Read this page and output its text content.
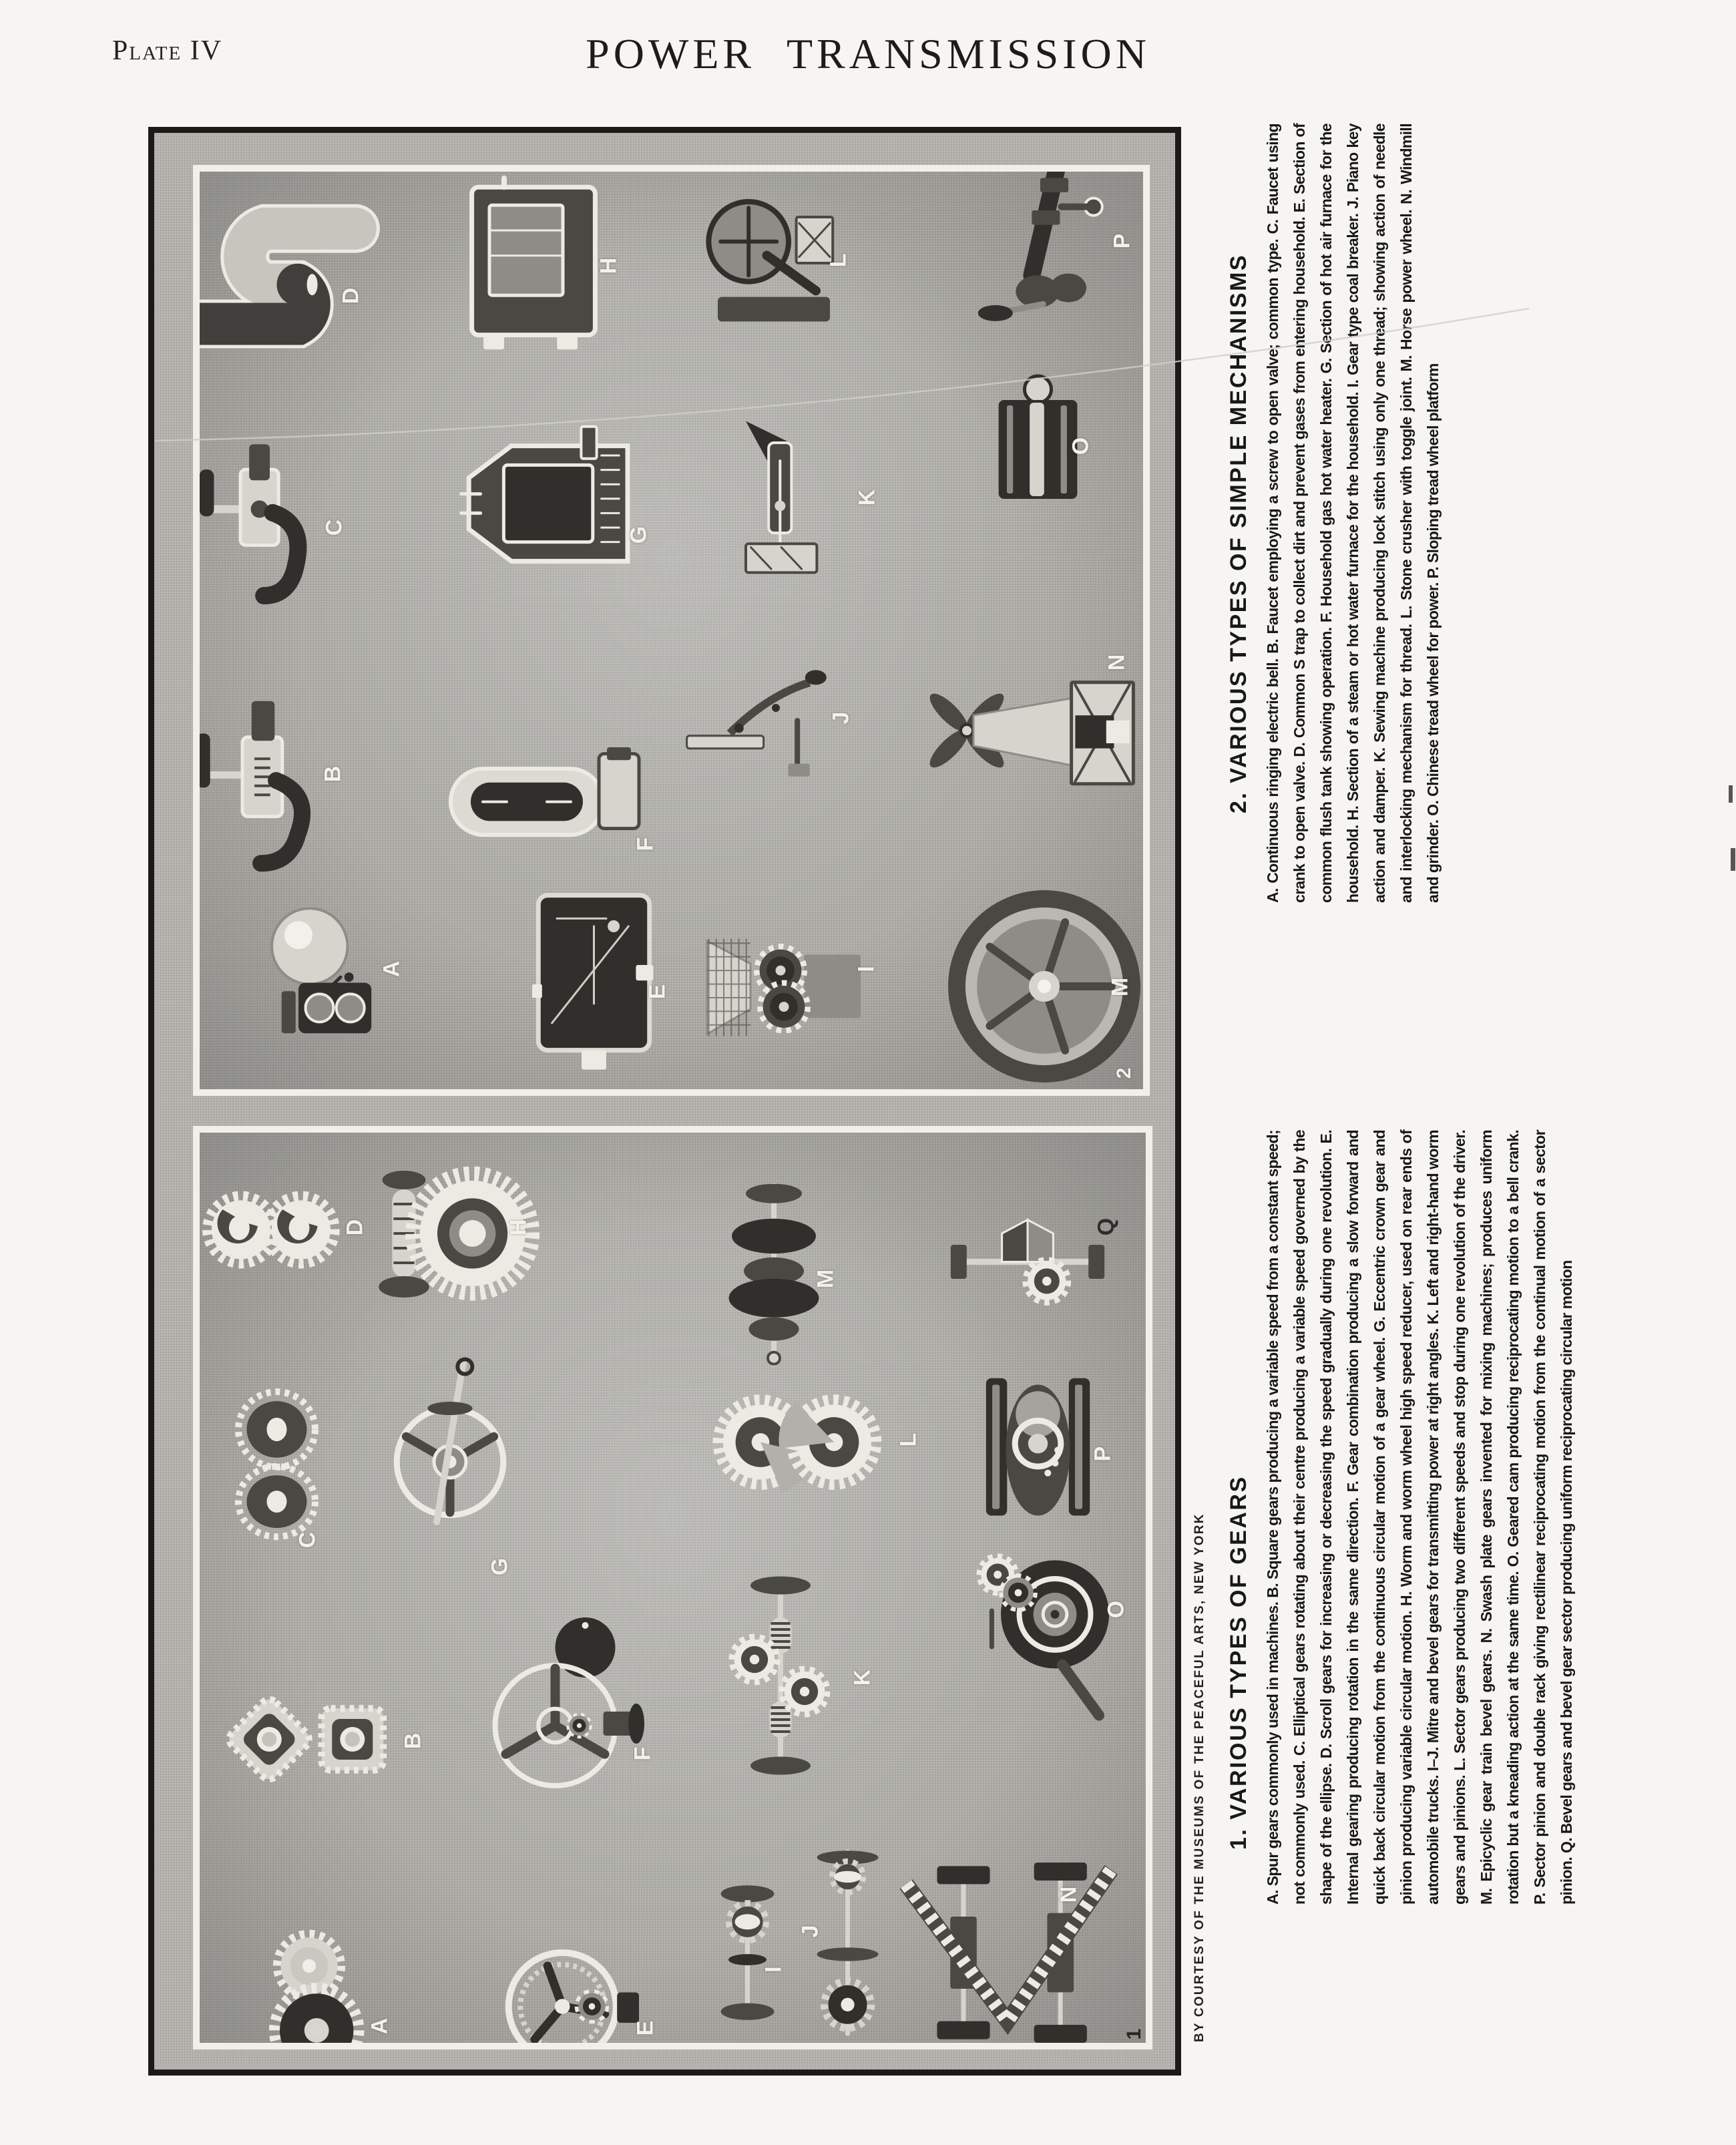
Plate IV	POWER TRANSMISSION
D
H	L
P
C	G
K
O
B
F
J
N
A
E
I
M
2
D	H
M
Q
C
G
L
P
B
F
K
O
A	E
I
J
N
1
2. VARIOUS TYPES OF SIMPLE MECHANISMS A. Continuous ringing electric bell. B. Faucet employing a screw to open valve; common type. C. Faucet using crank to open valve. D. Common S trap to collect dirt and prevent gases from entering household. E. Section of common flush tank showing operation. F. Household gas hot water heater. G. Section of hot air furnace for the household. H. Section of a steam or hot water furnace for the household. I. Gear type coal breaker. J. Piano key action and damper. K. Sewing machine producing lock stitch using only one thread; showing action of needle and interlocking mechanism for thread. L. Stone crusher with toggle joint. M. Horse power wheel. N. Windmill and grinder. O. Chinese tread wheel for power. P. Sloping tread wheel platform
1. VARIOUS TYPES OF GEARS A. Spur gears commonly used in machines. B. Square gears producing a variable speed from a constant speed; not commonly used. C. Elliptical gears rotating about their centre producing a variable speed governed by the shape of the ellipse. D. Scroll gears for increasing or decreasing the speed gradually during one revolution. E. Internal gearing producing rotation in the same direction. F. Gear combination producing a slow forward and quick back circular motion from the continuous circular motion of a gear wheel. G. Eccentric crown gear and pinion producing variable circular motion. H. Worm and worm wheel high speed reducer, used on rear ends of automobile trucks. I–J. Mitre and bevel gears for transmitting power at right angles. K. Left and right-hand worm gears and pinions. L. Sector gears producing two different speeds and stop during one revolution of the driver. M. Epicyclic gear train bevel gears. N. Swash plate gears invented for mixing machines; produces uniform rotation but a kneading action at the same time. O. Geared cam producing reciprocating motion to a bell crank. P. Sector pinion and double rack giving rectilinear reciprocating motion from the continual motion of a sector pinion. Q. Bevel gears and bevel gear sector producing uniform reciprocating circular motion
BY COURTESY OF THE MUSEUMS OF THE PEACEFUL ARTS, NEW YORK
